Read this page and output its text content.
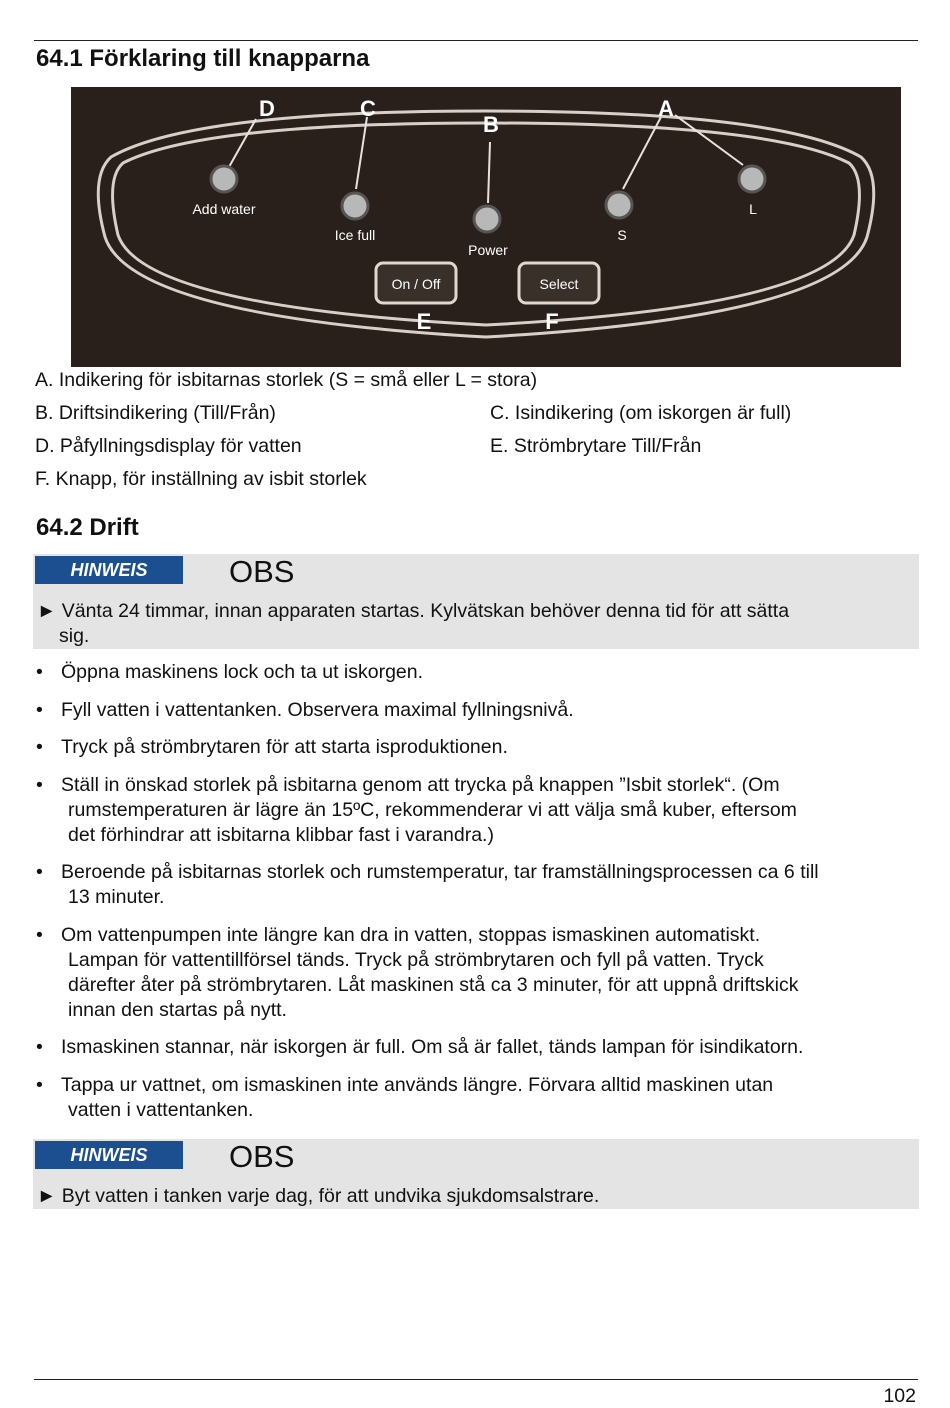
64.1 Förklaring till knapparna
D	C
B
A
E	F
Add water
Ice full
Power
S
L
On / Off	Select

A. Indikering för isbitarnas storlek (S = små eller L = stora)

B. Driftsindikering (Till/Från)	C. Isindikering (om iskorgen är full)

D. Påfyllningsdisplay för vatten	E. Strömbrytare Till/Från

F. Knapp, för inställning av isbit storlek

64.2 Drift
HINWEIS	OBS
► Vänta 24 timmar, innan apparaten startas. Kylvätskan behöver denna tid för att sätta
sig.
• Öppna maskinens lock och ta ut iskorgen.
• Fyll vatten i vattentanken. Observera maximal fyllningsnivå.
• Tryck på strömbrytaren för att starta isproduktionen.
• Ställ in önskad storlek på isbitarna genom att trycka på knappen ”Isbit storlek“. (Om
rumstemperaturen är lägre än 15ºC, rekommenderar vi att välja små kuber, eftersom
det förhindrar att isbitarna klibbar fast i varandra.)
• Beroende på isbitarnas storlek och rumstemperatur, tar framställningsprocessen ca 6 till
13 minuter.
• Om vattenpumpen inte längre kan dra in vatten, stoppas ismaskinen automatiskt.
Lampan för vattentillförsel tänds. Tryck på strömbrytaren och fyll på vatten. Tryck
därefter åter på strömbrytaren. Låt maskinen stå ca 3 minuter, för att uppnå driftskick
innan den startas på nytt.
• Ismaskinen stannar, när iskorgen är full. Om så är fallet, tänds lampan för isindikatorn.
• Tappa ur vattnet, om ismaskinen inte används längre. Förvara alltid maskinen utan
vatten i vattentanken.
HINWEIS	OBS
► Byt vatten i tanken varje dag, för att undvika sjukdomsalstrare.
102
